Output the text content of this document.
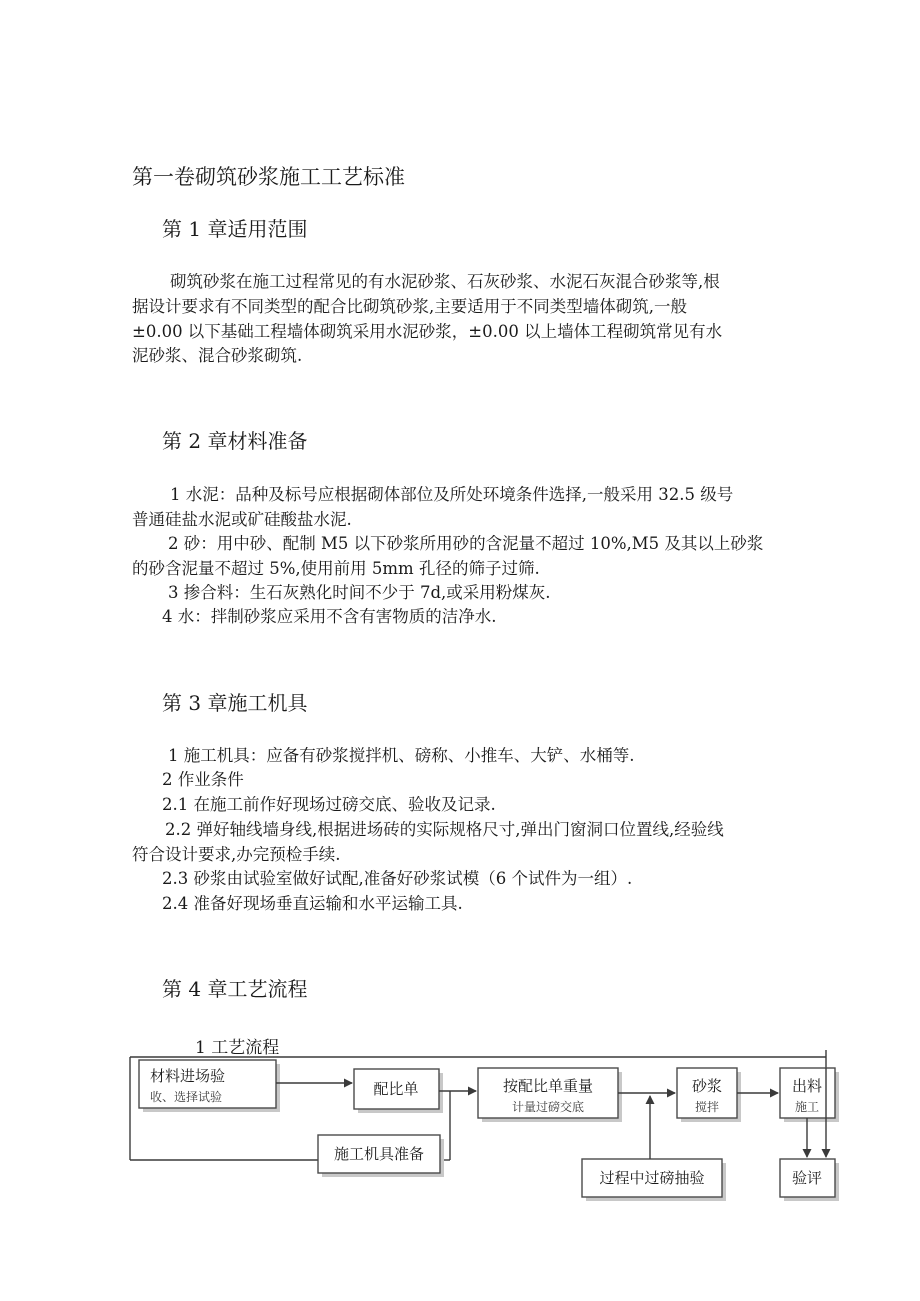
第一卷砌筑砂浆施工工艺标准
第 1 章适用范围
砌筑砂浆在施工过程常见的有水泥砂浆、石灰砂浆、水泥石灰混合砂浆等,根
据设计要求有不同类型的配合比砌筑砂浆,主要适用于不同类型墙体砌筑,一般
±0.00 以下基础工程墙体砌筑采用水泥砂浆，±0.00 以上墙体工程砌筑常见有水
泥砂浆、混合砂浆砌筑.
第 2 章材料准备
1 水泥：品种及标号应根据砌体部位及所处环境条件选择,一般采用 32.5 级号
普通硅盐水泥或矿硅酸盐水泥.
2 砂：用中砂、配制 M5 以下砂浆所用砂的含泥量不超过 10%,M5 及其以上砂浆
的砂含泥量不超过 5%,使用前用 5mm 孔径的筛子过筛.
3 掺合料：生石灰熟化时间不少于 7d,或采用粉煤灰.
4 水：拌制砂浆应采用不含有害物质的洁净水.
第 3 章施工机具
1 施工机具：应备有砂浆搅拌机、磅称、小推车、大铲、水桶等.
2 作业条件
2.1 在施工前作好现场过磅交底、验收及记录.
2.2 弹好轴线墙身线,根据进场砖的实际规格尺寸,弹出门窗洞口位置线,经验线
符合设计要求,办完预检手续.
2.3 砂浆由试验室做好试配,准备好砂浆试模（6 个试件为一组）.
2.4 准备好现场垂直运输和水平运输工具.
第 4 章工艺流程
1 工艺流程
材料进场验
收、选择试验	配比单	按配比单重量
计量过磅交底
砂浆
搅拌
出料
施工
施工机具准备
过程中过磅抽验	验评
